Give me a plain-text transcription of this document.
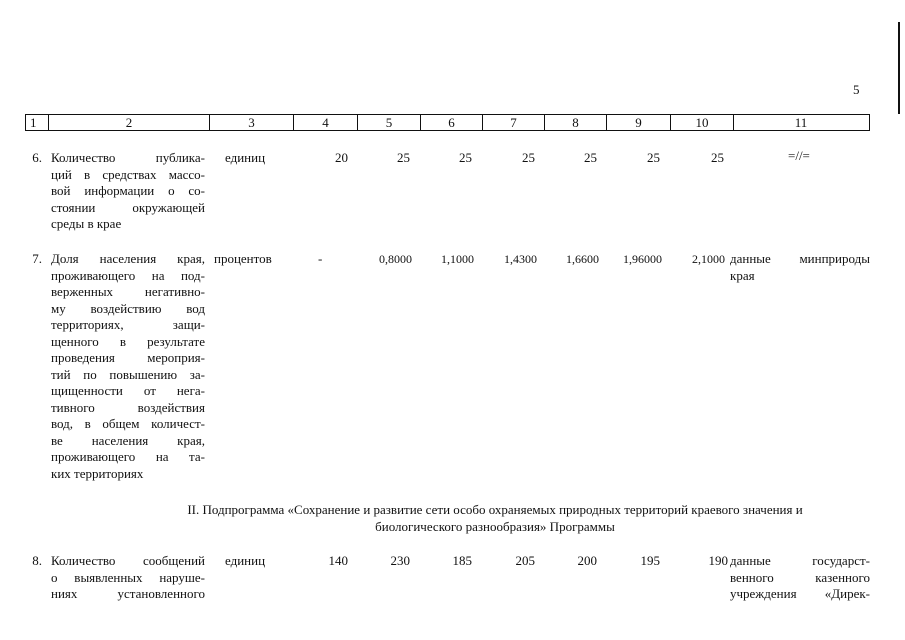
5
1	2	3	4	5	6	7	8	9	10	11
6. Количество публика-
ций в средствах массо-
вой информации о со-
стоянии окружающей
среды в крае
единиц	20	25	25	25	25	25	25	=//=
7. Доля населения края,
проживающего на под-
верженных негативно-
му воздействию вод
территориях, защи-
щенного в результате
проведения мероприя-
тий по повышению за-
щищенности от нега-
тивного воздействия
вод, в общем количест-
ве населения края,
проживающего на та-
ких территориях
процентов	-	0,8000	1,1000	1,4300	1,6600	1,96000	2,1000 данные минприроды
края
II. Подпрограмма «Сохранение и развитие сети особо охраняемых природных территорий краевого значения и
биологического разнообразия» Программы
8. Количество сообщений
о выявленных наруше-
ниях установленного
единиц	140	230	185	205	200	195	190 данные государст-
венного казенного
учреждения «Дирек-
